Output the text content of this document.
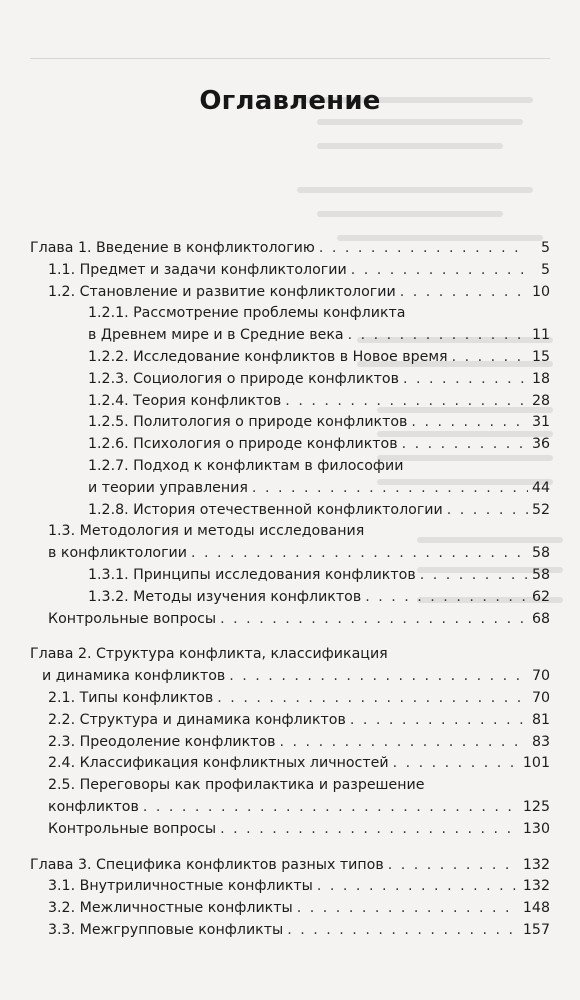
Оглавление
Глава 1. Введение в конфликтологию . . .	5
1.1. Предмет и задачи конфликтологии . . .	5
1.2. Становление и развитие конфликтологии . . .	10
1.2.1. Рассмотрение проблемы конфликта
в Древнем мире и в Средние века . . .	11
1.2.2. Исследование конфликтов в Новое время . . .	15
1.2.3. Социология о природе конфликтов . . .	18
1.2.4. Теория конфликтов . . .	28
1.2.5. Политология о природе конфликтов . . .	31
1.2.6. Психология о природе конфликтов . . .	36
1.2.7. Подход к конфликтам в философии
и теории управления . . .	44
1.2.8. История отечественной конфликтологии . . .	52
1.3. Методология и методы исследования
в конфликтологии . . .	58
1.3.1. Принципы исследования конфликтов . . .	58
1.3.2. Методы изучения конфликтов . . .	62
Контрольные вопросы . . .	68
Глава 2. Структура конфликта, классификация
и динамика конфликтов . . .	70
2.1. Типы конфликтов . . .	70
2.2. Структура и динамика конфликтов . . .	81
2.3. Преодоление конфликтов . . .	83
2.4. Классификация конфликтных личностей . . .	101
2.5. Переговоры как профилактика и разрешение
конфликтов . . .	125
Контрольные вопросы . . .	130
Глава 3. Специфика конфликтов разных типов . . .	132
3.1. Внутриличностные конфликты . . .	132
3.2. Межличностные конфликты . . .	148
3.3. Межгрупповые конфликты . . .	157
